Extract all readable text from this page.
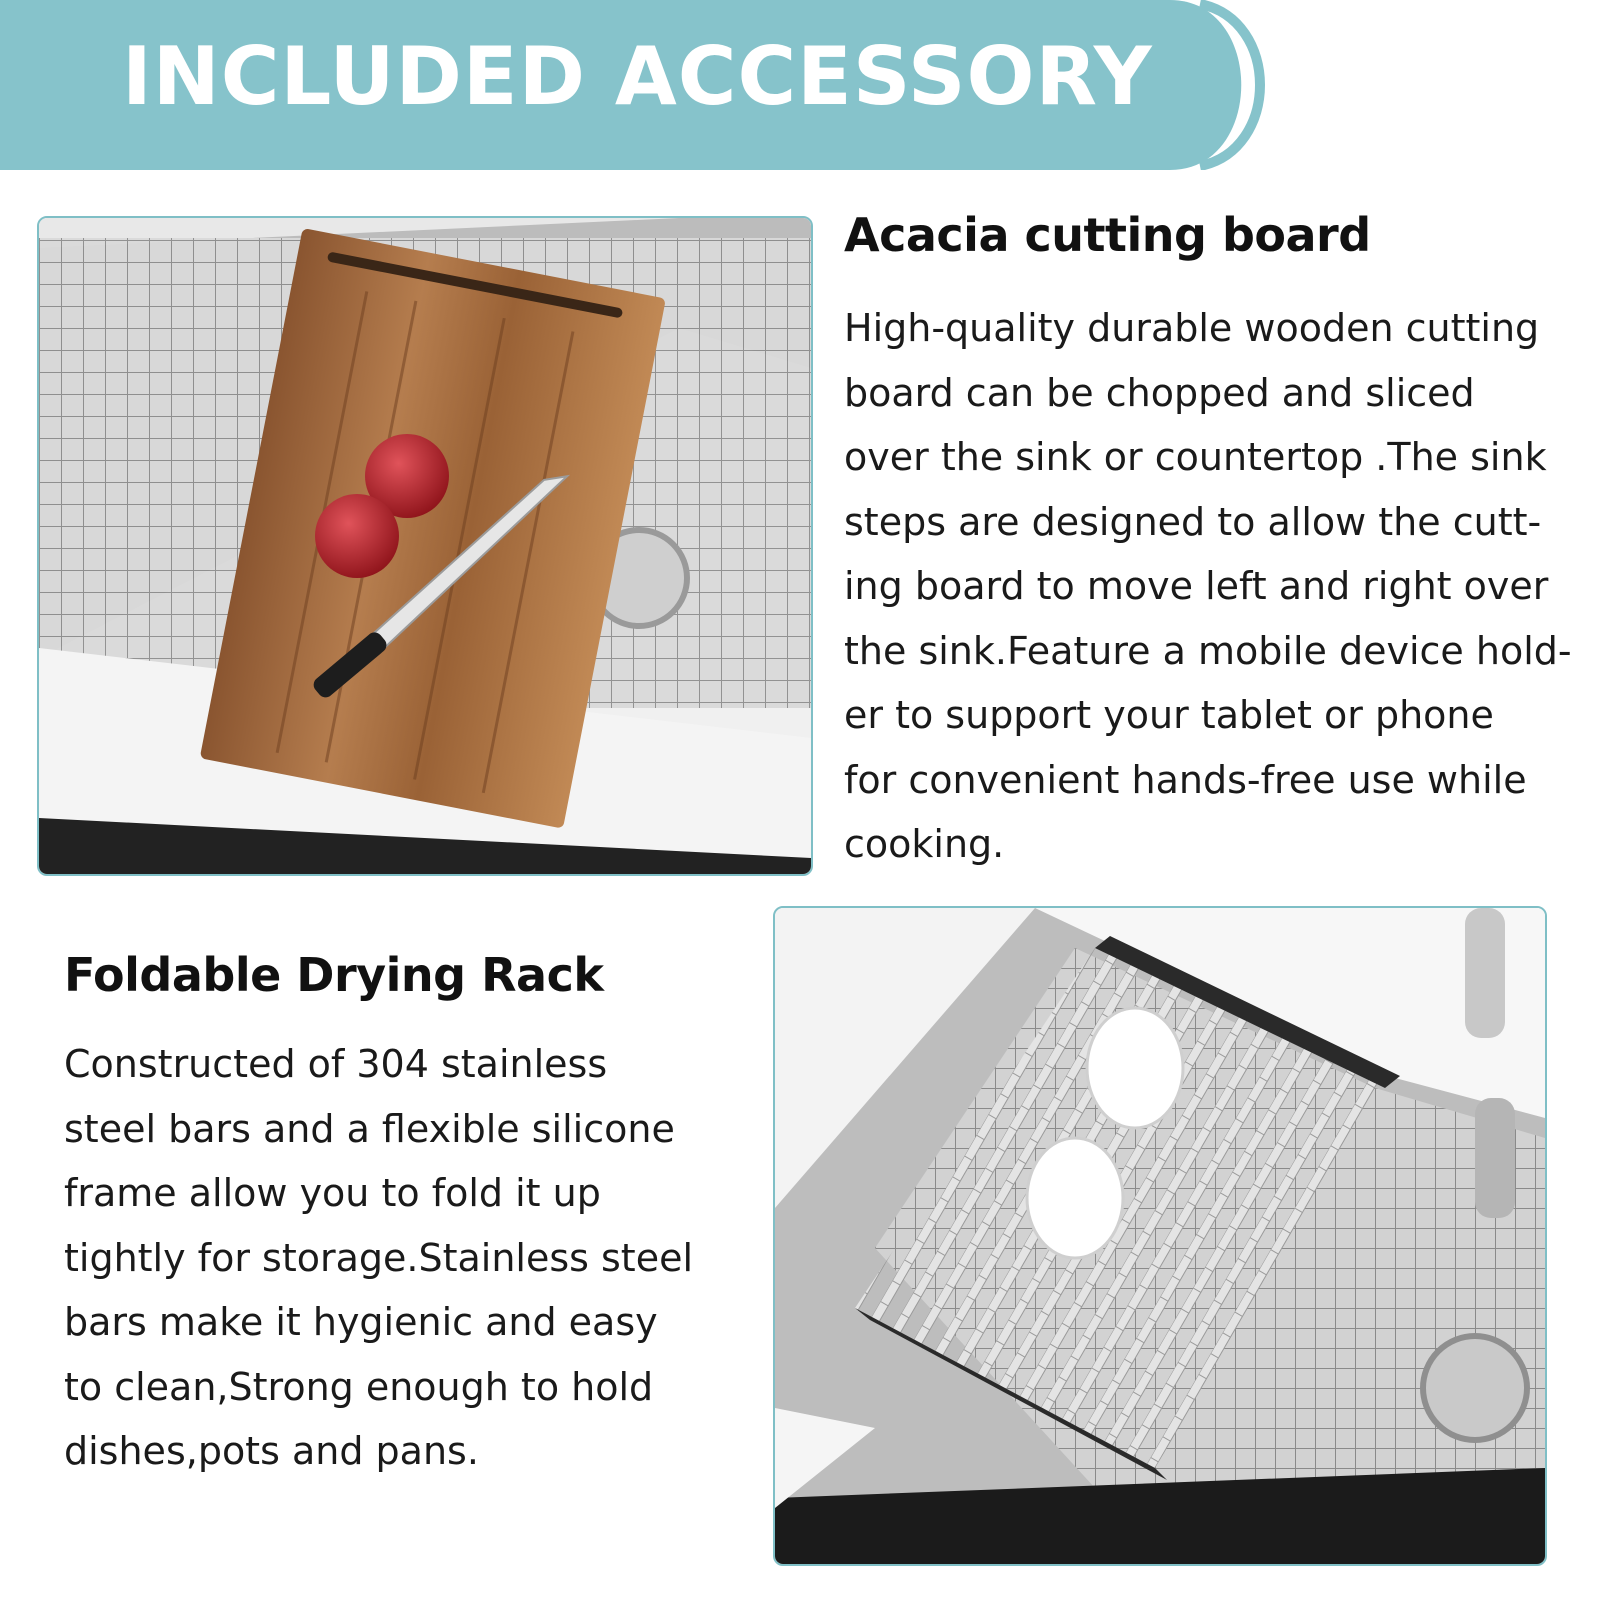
INCLUDED ACCESSORY
Acacia cutting board
High-quality durable wooden cutting
board can be chopped and sliced
over the sink or countertop .The sink
steps are designed to allow the cutt-
ing board to move left and right over
the sink.Feature a mobile device hold-
er to support your tablet or phone
for convenient hands-free use while
cooking.
Foldable Drying Rack
Constructed of 304 stainless
steel bars and a flexible silicone
frame allow you to fold it up
tightly for storage.Stainless steel
bars make it hygienic and easy
to clean,Strong enough to hold
dishes,pots and pans.
